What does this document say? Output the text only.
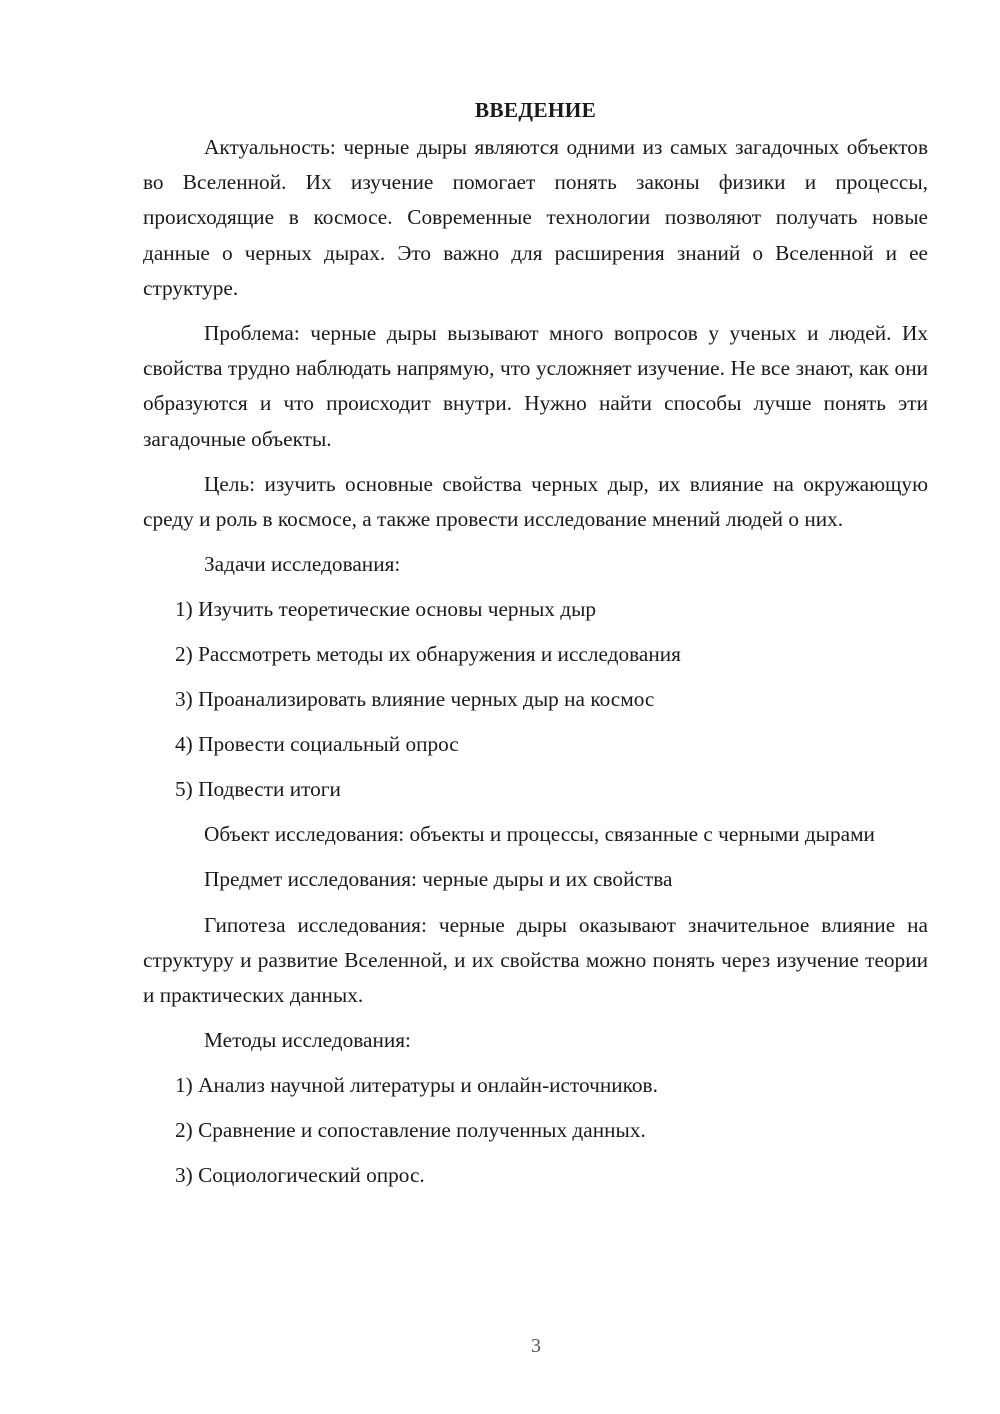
ВВЕДЕНИЕ

Актуальность: черные дыры являются одними из самых загадочных объектов во Вселенной. Их изучение помогает понять законы физики и процессы, происходящие в космосе. Современные технологии позволяют получать новые данные о черных дырах. Это важно для расширения знаний о Вселенной и ее структуре.

Проблема: черные дыры вызывают много вопросов у ученых и людей. Их свойства трудно наблюдать напрямую, что усложняет изучение. Не все знают, как они образуются и что происходит внутри. Нужно найти способы лучше понять эти загадочные объекты.

Цель: изучить основные свойства черных дыр, их влияние на окружающую среду и роль в космосе, а также провести исследование мнений людей о них.

Задачи исследования:

1) Изучить теоретические основы черных дыр

2) Рассмотреть методы их обнаружения и исследования

3) Проанализировать влияние черных дыр на космос

4) Провести социальный опрос

5) Подвести итоги

Объект исследования: объекты и процессы, связанные с черными дырами

Предмет исследования: черные дыры и их свойства

Гипотеза исследования: черные дыры оказывают значительное влияние на структуру и развитие Вселенной, и их свойства можно понять через изучение теории и практических данных.

Методы исследования:

1) Анализ научной литературы и онлайн-источников.

2) Сравнение и сопоставление полученных данных.

3) Социологический опрос.

3
